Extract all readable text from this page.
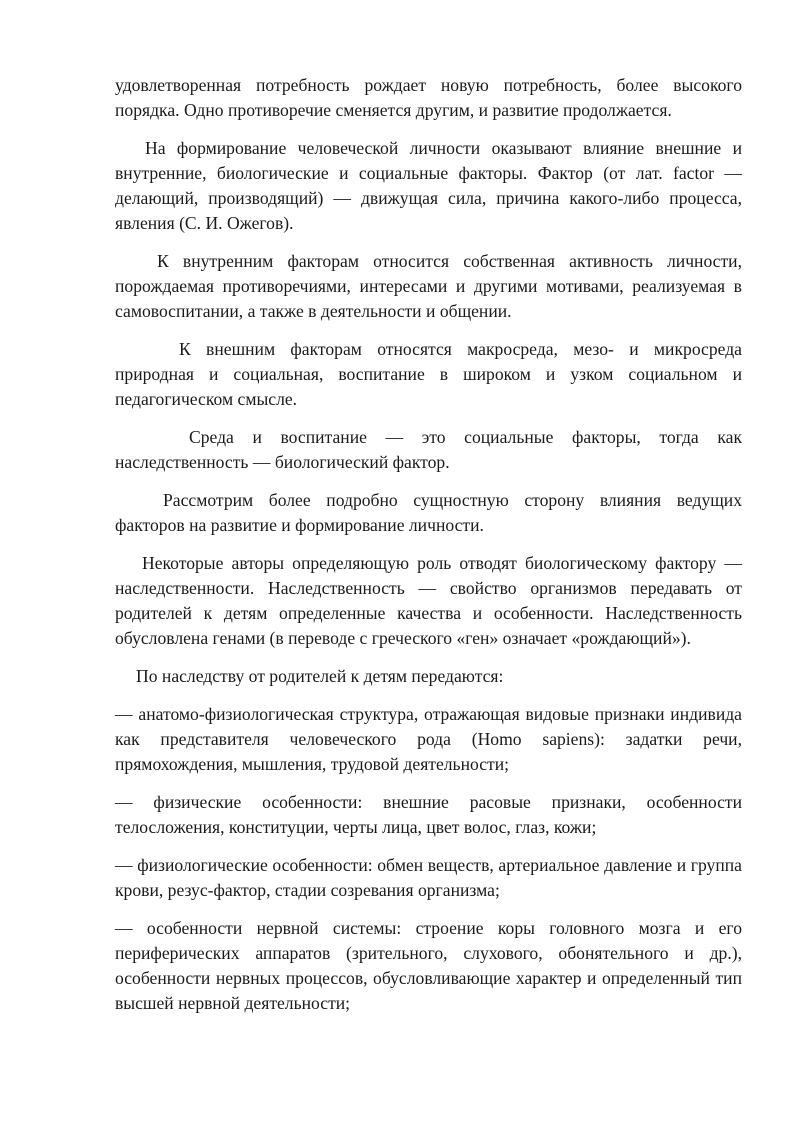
удовлетворенная потребность рождает новую потребность, более высокого порядка. Одно противоречие сменяется другим, и развитие продолжается.

На формирование человеческой личности оказывают влияние внешние и внутренние, биологические и социальные факторы. Фактор (от лат. factor — делающий, производящий) — движущая сила, причина какого-либо процесса, явления (С. И. Ожегов).

К внутренним факторам относится собственная активность личности, порождаемая противоречиями, интересами и другими мотивами, реализуемая в самовоспитании, а также в деятельности и общении.

К внешним факторам относятся макросреда, мезо- и микросреда природная и социальная, воспитание в широком и узком социальном и педагогическом смысле.

Среда и воспитание — это социальные факторы, тогда как наследственность — биологический фактор.

Рассмотрим более подробно сущностную сторону влияния ведущих факторов на развитие и формирование личности.

Некоторые авторы определяющую роль отводят биологическому фактору — наследственности. Наследственность — свойство организмов передавать от родителей к детям определенные качества и особенности. Наследственность обусловлена генами (в переводе с греческого «ген» означает «рождающий»).

По наследству от родителей к детям передаются:

— анатомо-физиологическая структура, отражающая видовые признаки индивида как представителя человеческого рода (Homo sapiens): задатки речи, прямохождения, мышления, трудовой деятельности;

— физические особенности: внешние расовые признаки, особенности телосложения, конституции, черты лица, цвет волос, глаз, кожи;

— физиологические особенности: обмен веществ, артериальное давление и группа крови, резус-фактор, стадии созревания организма;

— особенности нервной системы: строение коры головного мозга и его периферических аппаратов (зрительного, слухового, обонятельного и др.), особенности нервных процессов, обусловливающие характер и определенный тип высшей нервной деятельности;
